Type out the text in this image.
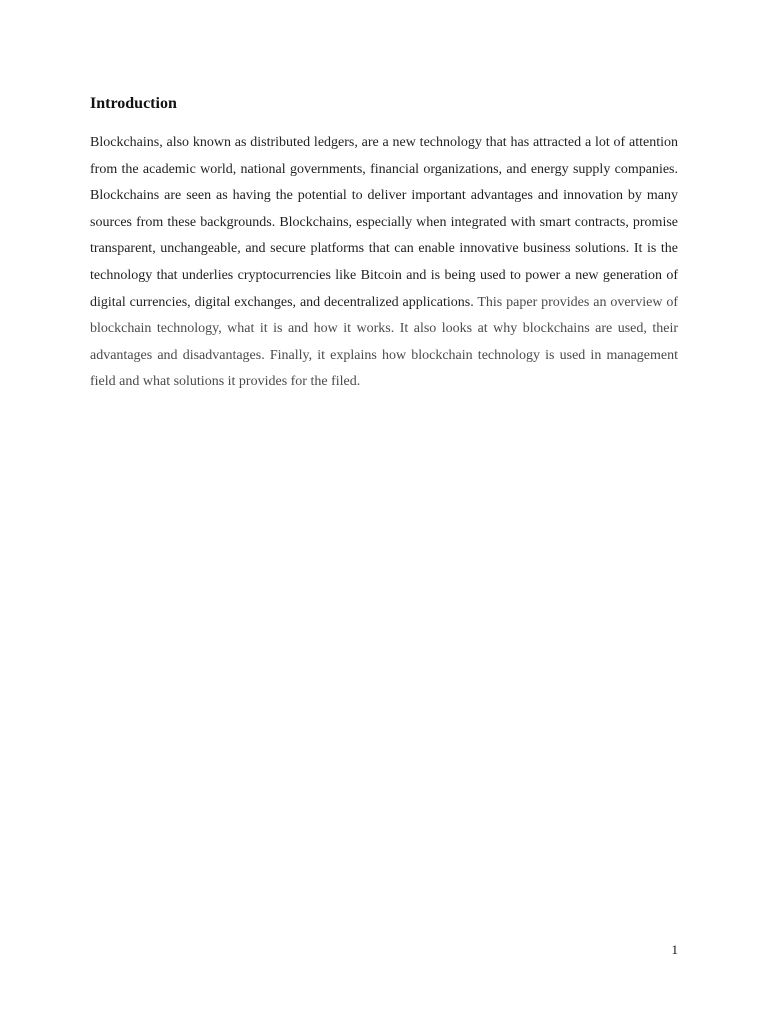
Introduction

Blockchains, also known as distributed ledgers, are a new technology that has attracted a lot of attention from the academic world, national governments, financial organizations, and energy supply companies. Blockchains are seen as having the potential to deliver important advantages and innovation by many sources from these backgrounds. Blockchains, especially when integrated with smart contracts, promise transparent, unchangeable, and secure platforms that can enable innovative business solutions. It is the technology that underlies cryptocurrencies like Bitcoin and is being used to power a new generation of digital currencies, digital exchanges, and decentralized applications. This paper provides an overview of blockchain technology, what it is and how it works. It also looks at why blockchains are used, their advantages and disadvantages. Finally, it explains how blockchain technology is used in management field and what solutions it provides for the filed.

1
